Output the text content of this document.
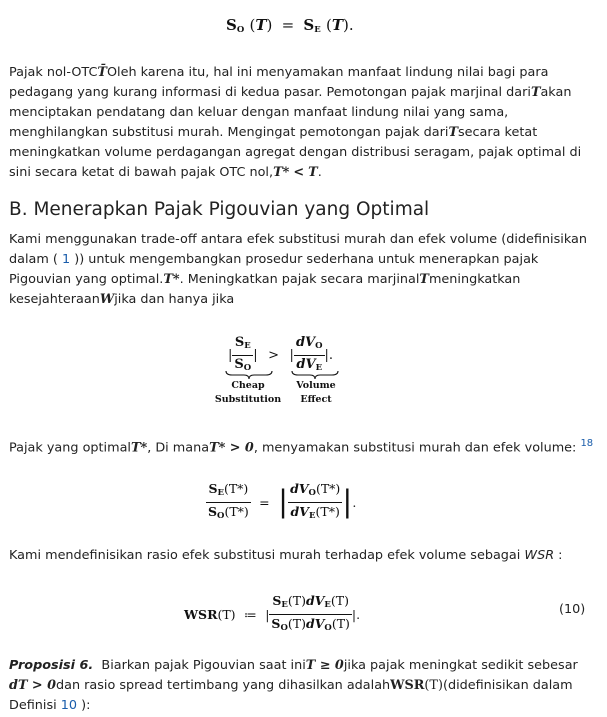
$S_O$ $(T) = S_E$ (T).
Pajak nol-OTCT̄Oleh karena itu, hal ini menyamakan manfaat lindung nilai bagi para pedagang yang kurang informasi di kedua pasar. Pemotongan pajak marjinal dariTakan menciptakan pendatang dan keluar dengan manfaat lindung nilai yang sama, menghilangkan substitusi murah. Mengingat pemotongan pajak dariTsecara ketat meningkatkan volume perdagangan agregat dengan distribusi seragam, pajak optimal di sini secara ketat di bawah pajak OTC nol,T* < T.
B. Menerapkan Pajak Pigouvian yang Optimal
Kami menggunakan trade-off antara efek substitusi murah dan efek volume (didefinisikan dalam ( 1 )) untuk mengembangkan prosedur sederhana untuk menerapkan pajak Pigouvian yang optimal.T*. Meningkatkan pajak secara marjinalTmeningkatkan kesejahteraanWjika dan hanya jika
| $\frac{S_E}{S_O}$ | > | $\frac{dV_O}{dV_E}$ |.
Cheap
Substitution
Volume
Effect
Pajak yang optimalT*, Di manaT* > 0, menyamakan substitusi murah dan efek volume: $^{18}$
$\frac{S_E(T*)}{S_O(T*)}$ = | $\frac{dV_O(T*)}{dV_E(T*)}$ |.
Kami mendefinisikan rasio efek substitusi murah terhadap efek volume sebagai WSR :
WSR(T) ≔ | $\frac{S_E(T)dV_E(T)}{S_O(T)dV_O(T)}$ |.	(10)
Proposisi 6. Biarkan pajak Pigouvian saat iniT ≥ 0jika pajak meningkat sedikit sebesar dT > 0dan rasio spread tertimbang yang dihasilkan adalahWSR(T)(didefinisikan dalam Definisi 10 ):
